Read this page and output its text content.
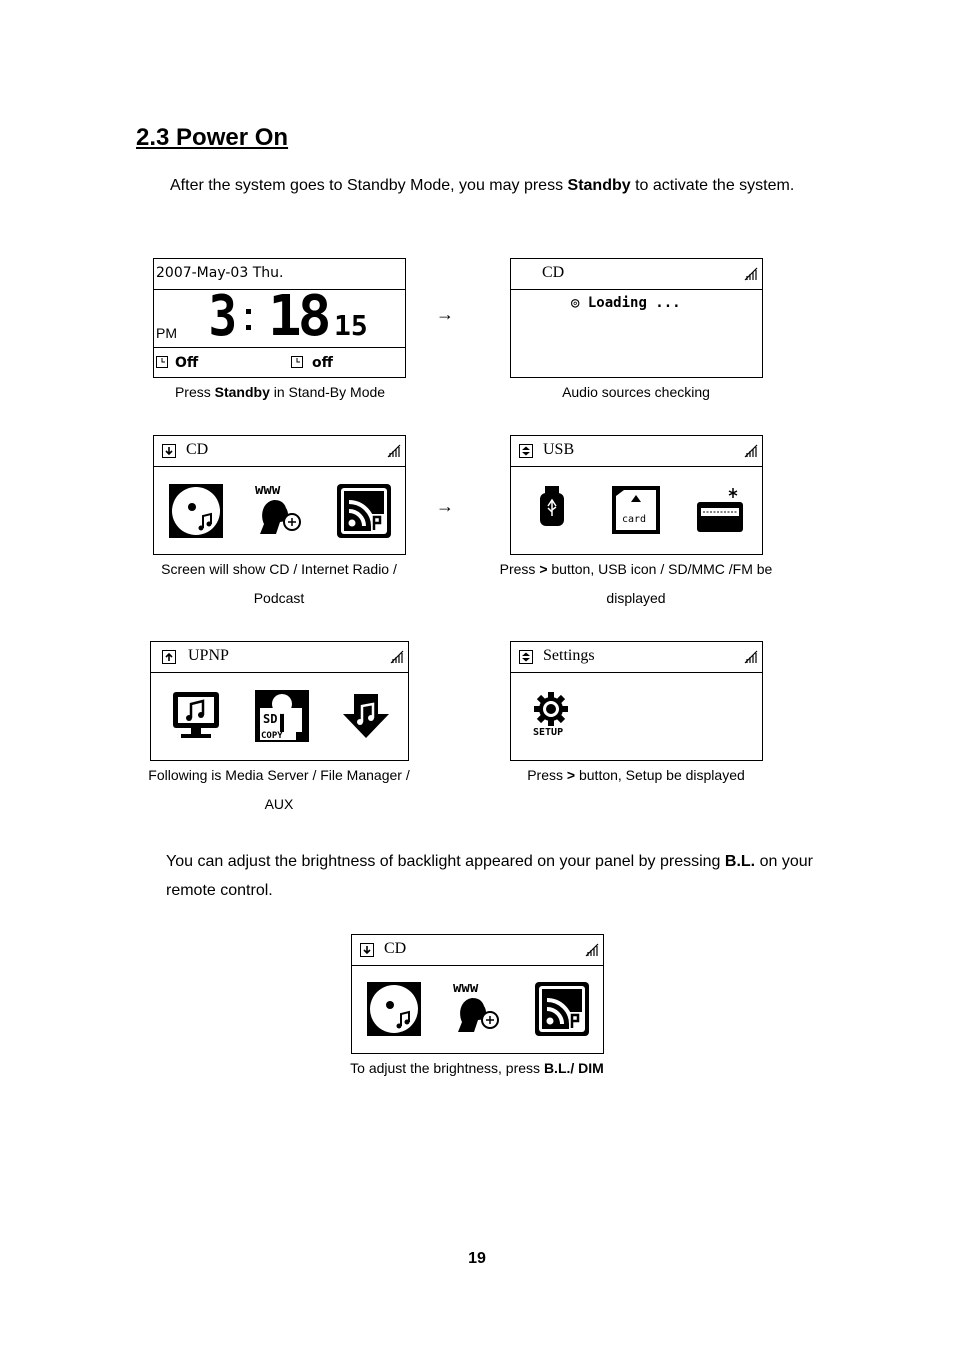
2.3 Power On
After the system goes to Standby Mode, you may press Standby to activate the system.
2007-May-03 Thu.
PM 3 18 15
Off	off
Press Standby in Stand-By Mode
→
CD
◎ Loading ...
Audio sources checking
CD
www
Screen will show CD / Internet Radio /
Podcast
→
USB
card
Press > button, USB icon / SD/MMC /FM be
displayed
UPNP
SD
COPY
Following is Media Server / File Manager /
AUX
Settings
SETUP
Press > button, Setup be displayed
You can adjust the brightness of backlight appeared on your panel by pressing B.L. on your remote control.
CD
www
To adjust the brightness, press B.L./ DIM
19
